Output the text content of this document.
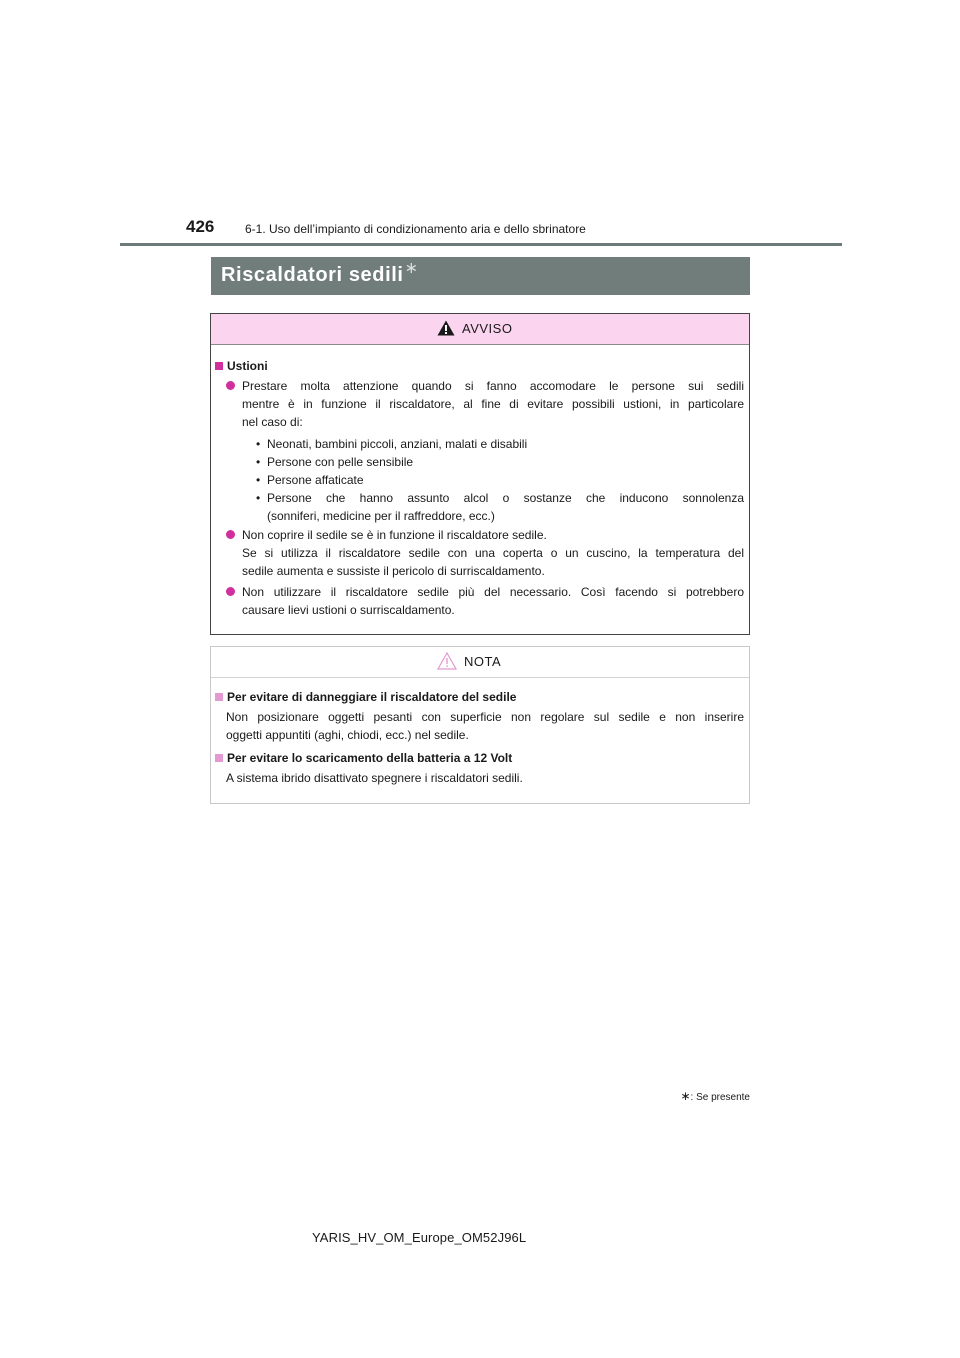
426	6-1. Uso dell’impianto di condizionamento aria e dello sbrinatore
Riscaldatori sedili∗
AVVISO
Ustioni
Prestare molta attenzione quando si fanno accomodare le persone sui sedili
mentre è in funzione il riscaldatore, al fine di evitare possibili ustioni, in particolare
nel caso di:
• Neonati, bambini piccoli, anziani, malati e disabili
• Persone con pelle sensibile
• Persone affaticate
• Persone che hanno assunto alcol o sostanze che inducono sonnolenza
(sonniferi, medicine per il raffreddore, ecc.)
Non coprire il sedile se è in funzione il riscaldatore sedile.
Se si utilizza il riscaldatore sedile con una coperta o un cuscino, la temperatura del
sedile aumenta e sussiste il pericolo di surriscaldamento.
Non utilizzare il riscaldatore sedile più del necessario. Così facendo si potrebbero
causare lievi ustioni o surriscaldamento.
NOTA
Per evitare di danneggiare il riscaldatore del sedile
Non posizionare oggetti pesanti con superficie non regolare sul sedile e non inserire
oggetti appuntiti (aghi, chiodi, ecc.) nel sedile.
Per evitare lo scaricamento della batteria a 12 Volt
A sistema ibrido disattivato spegnere i riscaldatori sedili.
∗: Se presente
YARIS_HV_OM_Europe_OM52J96L
